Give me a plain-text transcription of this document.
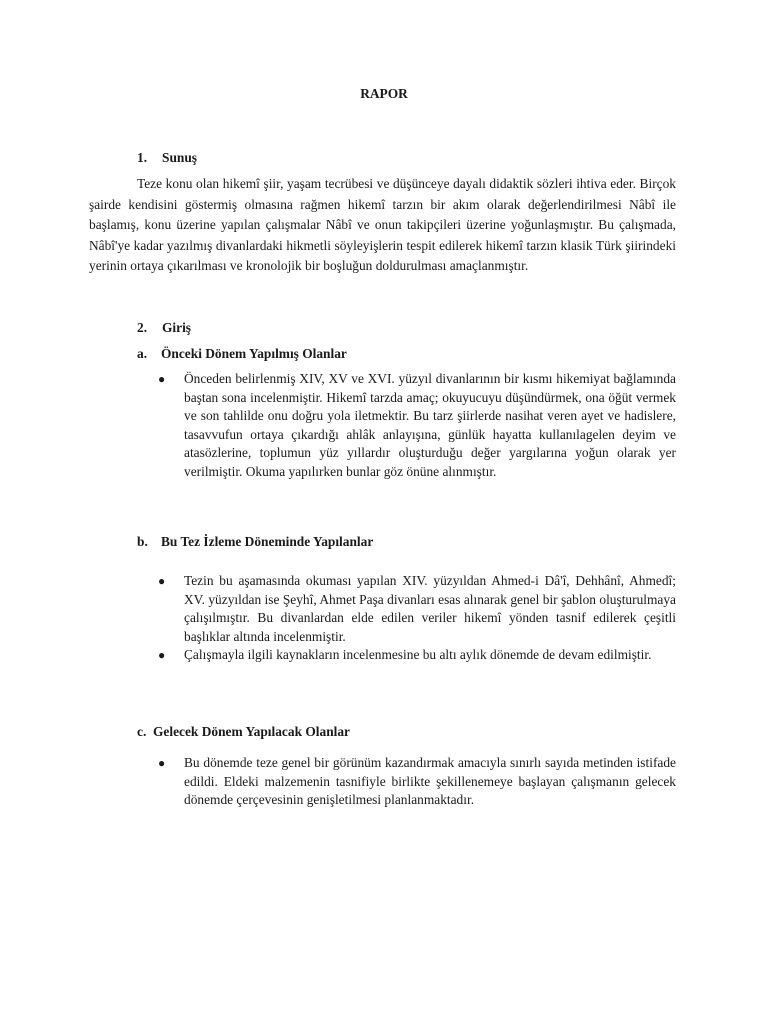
RAPOR
1. Sunuş
Teze konu olan hikemî şiir, yaşam tecrübesi ve düşünceye dayalı didaktik sözleri ihtiva eder. Birçok şairde kendisini göstermiş olmasına rağmen hikemî tarzın bir akım olarak değerlendirilmesi Nâbî ile başlamış, konu üzerine yapılan çalışmalar Nâbî ve onun takipçileri üzerine yoğunlaşmıştır. Bu çalışmada, Nâbî'ye kadar yazılmış divanlardaki hikmetli söyleyişlerin tespit edilerek hikemî tarzın klasik Türk şiirindeki yerinin ortaya çıkarılması ve kronolojik bir boşluğun doldurulması amaçlanmıştır.
2. Giriş
a. Önceki Dönem Yapılmış Olanlar
● Önceden belirlenmiş XIV, XV ve XVI. yüzyıl divanlarının bir kısmı hikemiyat bağlamında baştan sona incelenmiştir. Hikemî tarzda amaç; okuyucuyu düşündürmek, ona öğüt vermek ve son tahlilde onu doğru yola iletmektir. Bu tarz şiirlerde nasihat veren ayet ve hadislere, tasavvufun ortaya çıkardığı ahlâk anlayışına, günlük hayatta kullanılagelen deyim ve atasözlerine, toplumun yüz yıllardır oluşturduğu değer yargılarına yoğun olarak yer verilmiştir. Okuma yapılırken bunlar göz önüne alınmıştır.
b. Bu Tez İzleme Döneminde Yapılanlar
● Tezin bu aşamasında okuması yapılan XIV. yüzyıldan Ahmed-i Dâ'î, Dehhânî, Ahmedî; XV. yüzyıldan ise Şeyhî, Ahmet Paşa divanları esas alınarak genel bir şablon oluşturulmaya çalışılmıştır. Bu divanlardan elde edilen veriler hikemî yönden tasnif edilerek çeşitli başlıklar altında incelenmiştir.
● Çalışmayla ilgili kaynakların incelenmesine bu altı aylık dönemde de devam edilmiştir.
c. Gelecek Dönem Yapılacak Olanlar
● Bu dönemde teze genel bir görünüm kazandırmak amacıyla sınırlı sayıda metinden istifade edildi. Eldeki malzemenin tasnifiyle birlikte şekillenemeye başlayan çalışmanın gelecek dönemde çerçevesinin genişletilmesi planlanmaktadır.
